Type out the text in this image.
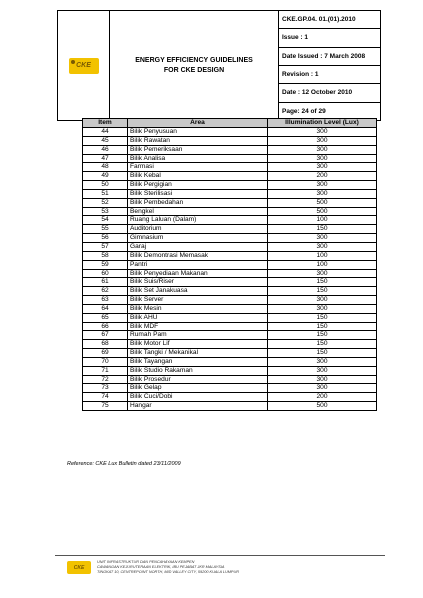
CKE
ENERGY EFFICIENCY GUIDELINES
FOR CKE DESIGN
CKE.GP.04. 01.(01).2010
Issue : 1
Date Issued : 7 March 2008
Revision : 1
Date : 12 October 2010
Page: 24 of 29
Item	Area	Illumination Level (Lux)
44	Bilik Penyusuan	300
45	Bilik Rawatan	300
46	Bilik Pemeriksaan	300
47	Bilik Analisa	300
48	Farmasi	300
49	Bilik Kebal	200
50	Bilik Pergigian	300
51	Bilik Sterilisasi	300
52	Bilik Pembedahan	500
53	Bengkel	500
54	Ruang Laluan (Dalam)	100
55	Auditorium	150
56	Gimnasium	300
57	Garaj	300
58	Bilik Demontrasi Memasak	100
59	Pantri	100
60	Bilik Penyediaan Makanan	300
61	Bilik Suis/Riser	150
62	Bilik Set Janakuasa	150
63	Bilik Server	300
64	Bilik Mesin	300
65	Bilik AHU	150
66	Bilik MDF	150
67	Rumah Pam	150
68	Bilik Motor Lif	150
69	Bilik Tangki / Mekanikal	150
70	Bilik Tayangan	300
71	Bilik Studio Rakaman	300
72	Bilik Prosedur	300
73	Bilik Gelap	300
74	Bilik Cuci/Dobi	200
75	Hangar	500
Reference: CKE Lux Bulletin dated 23/11/2009
CKE
UNIT INFRASTRUKTUR DAN PENCAHAYAAN KEMPEN
CAWANGAN KEJURUTERAAN ELEKTRIK, IBU PEJABAT JKR MALAYSIA
TINGKAT 10, CENTREPOINT NORTH, MID VALLEY CITY, 59200 KUALA LUMPUR
